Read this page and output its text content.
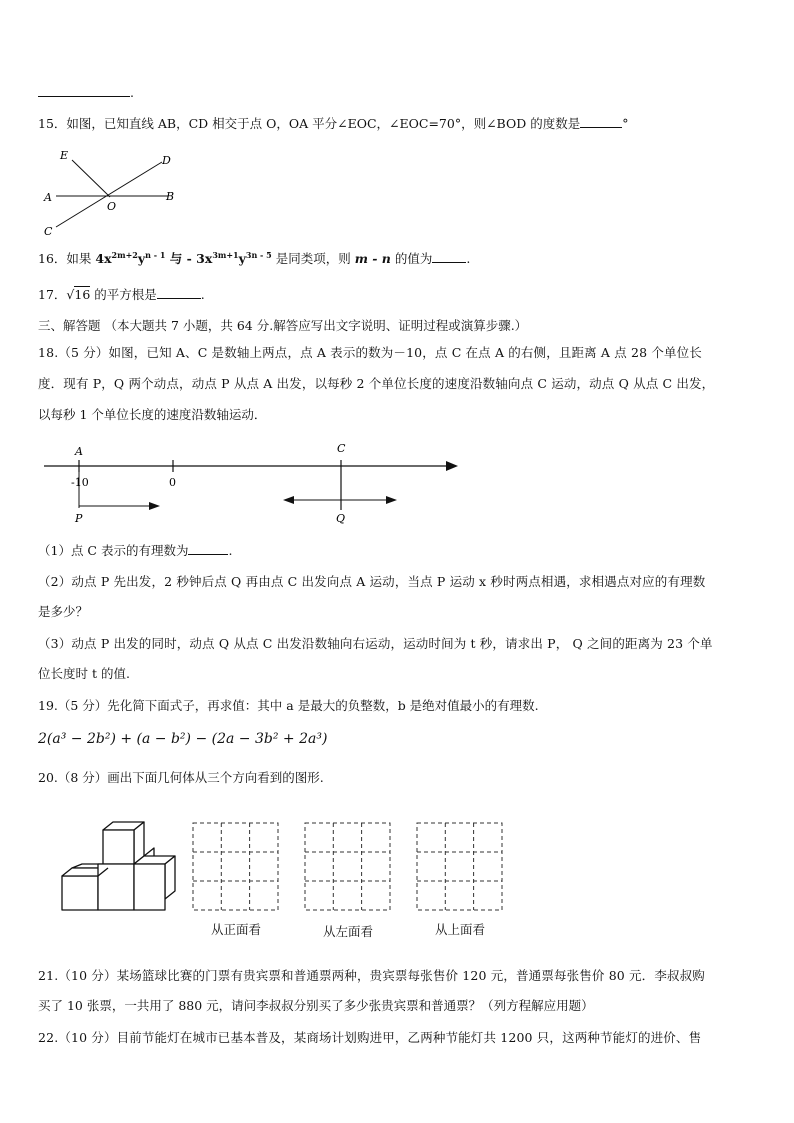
.
15．如图，已知直线 AB，CD 相交于点 O，OA 平分∠EOC，∠EOC=70°，则∠BOD 的度数是	°
E	D
A	B
O
C
16．如果 $4x^{2m+2}y^{n - 1}$ 与 - $3x^{3m+1}y^{3n - 5}$ 是同类项，则 m - n 的值为	.
17．√16 的平方根是	.
三、解答题 （本大题共 7 小题，共 64 分.解答应写出文字说明、证明过程或演算步骤.）
18.（5 分）如图，已知 A、C 是数轴上两点，点 A 表示的数为－10，点 C 在点 A 的右侧，且距离 A 点 28 个单位长
度．现有 P，Q 两个动点，动点 P 从点 A 出发，以每秒 2 个单位长度的速度沿数轴向点 C 运动，动点 Q 从点 C 出发，
以每秒 1 个单位长度的速度沿数轴运动．
A	C
-10	0
P	Q
（1）点 C 表示的有理数为	.
（2）动点 P 先出发，2 秒钟后点 Q 再由点 C 出发向点 A 运动，当点 P 运动 x 秒时两点相遇，求相遇点对应的有理数
是多少？
（3）动点 P 出发的同时，动点 Q 从点 C 出发沿数轴向右运动，运动时间为 t 秒，请求出 P， Q 之间的距离为 23 个单
位长度时 t 的值.
19.（5 分）先化简下面式子，再求值：其中 a 是最大的负整数，b 是绝对值最小的有理数.
2(a³ − 2b²) + (a − b²) − (2a − 3b² + 2a³)
20.（8 分）画出下面几何体从三个方向看到的图形.
从正面看	从左面看	从上面看
21.（10 分）某场篮球比赛的门票有贵宾票和普通票两种，贵宾票每张售价 120 元，普通票每张售价 80 元．李叔叔购
买了 10 张票，一共用了 880 元，请问李叔叔分别买了多少张贵宾票和普通票？（列方程解应用题）
22.（10 分）目前节能灯在城市已基本普及，某商场计划购进甲，乙两种节能灯共 1200 只，这两种节能灯的进价、售
